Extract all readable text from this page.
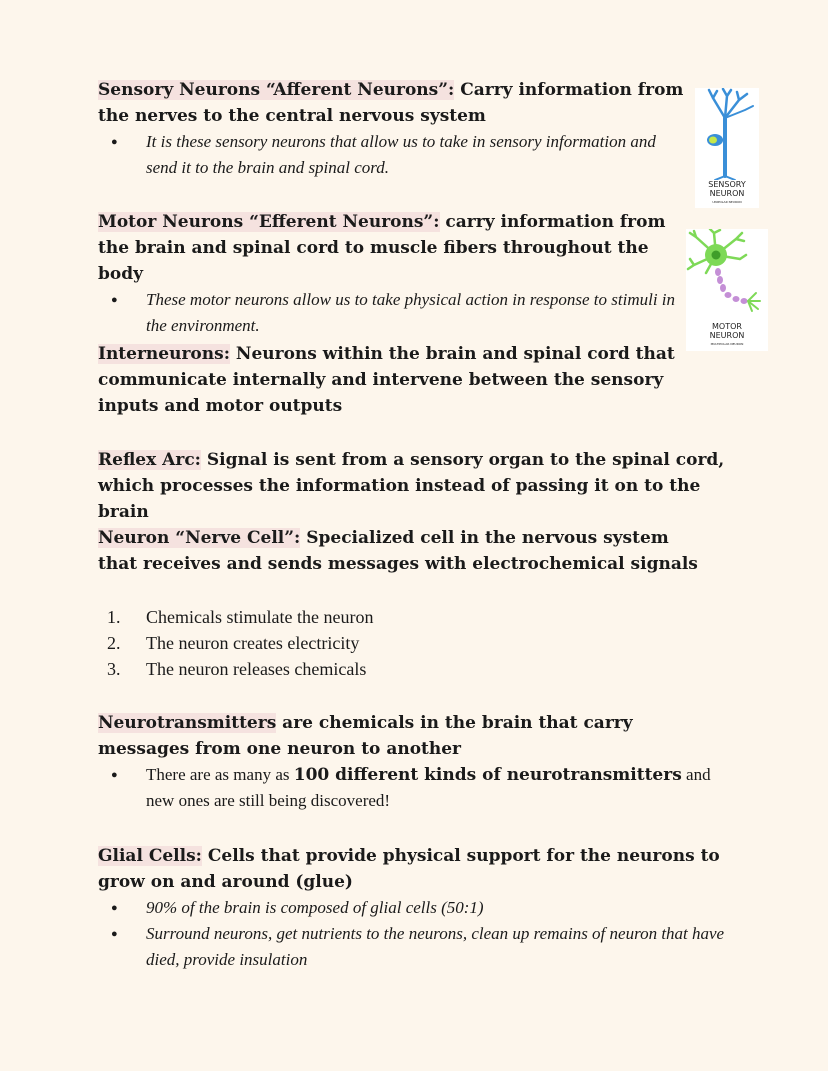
Sensory Neurons “Afferent Neurons”: Carry information from the nerves to the central nervous system

● It is these sensory neurons that allow us to take in sensory information and send it to the brain and spinal cord.

Motor Neurons “Efferent Neurons”: carry information from the brain and spinal cord to muscle fibers throughout the body

● These motor neurons allow us to take physical action in response to stimuli in the environment.

Interneurons: Neurons within the brain and spinal cord that communicate internally and intervene between the sensory inputs and motor outputs

Reflex Arc: Signal is sent from a sensory organ to the spinal cord, which processes the information instead of passing it on to the brain

Neuron “Nerve Cell”: Specialized cell in the nervous system that receives and sends messages with electrochemical signals

1. Chemicals stimulate the neuron
2. The neuron creates electricity
3. The neuron releases chemicals

Neurotransmitters are chemicals in the brain that carry messages from one neuron to another

● There are as many as 100 different kinds of neurotransmitters and new ones are still being discovered!

Glial Cells: Cells that provide physical support for the neurons to grow on and around (glue)

● 90% of the brain is composed of glial cells (50:1)
● Surround neurons, get nutrients to the neurons, clean up remains of neuron that have died, provide insulation
SENSORY
NEURON
UNIPOLAR NEURON
MOTOR
NEURON
MULTIPOLAR NEURON
